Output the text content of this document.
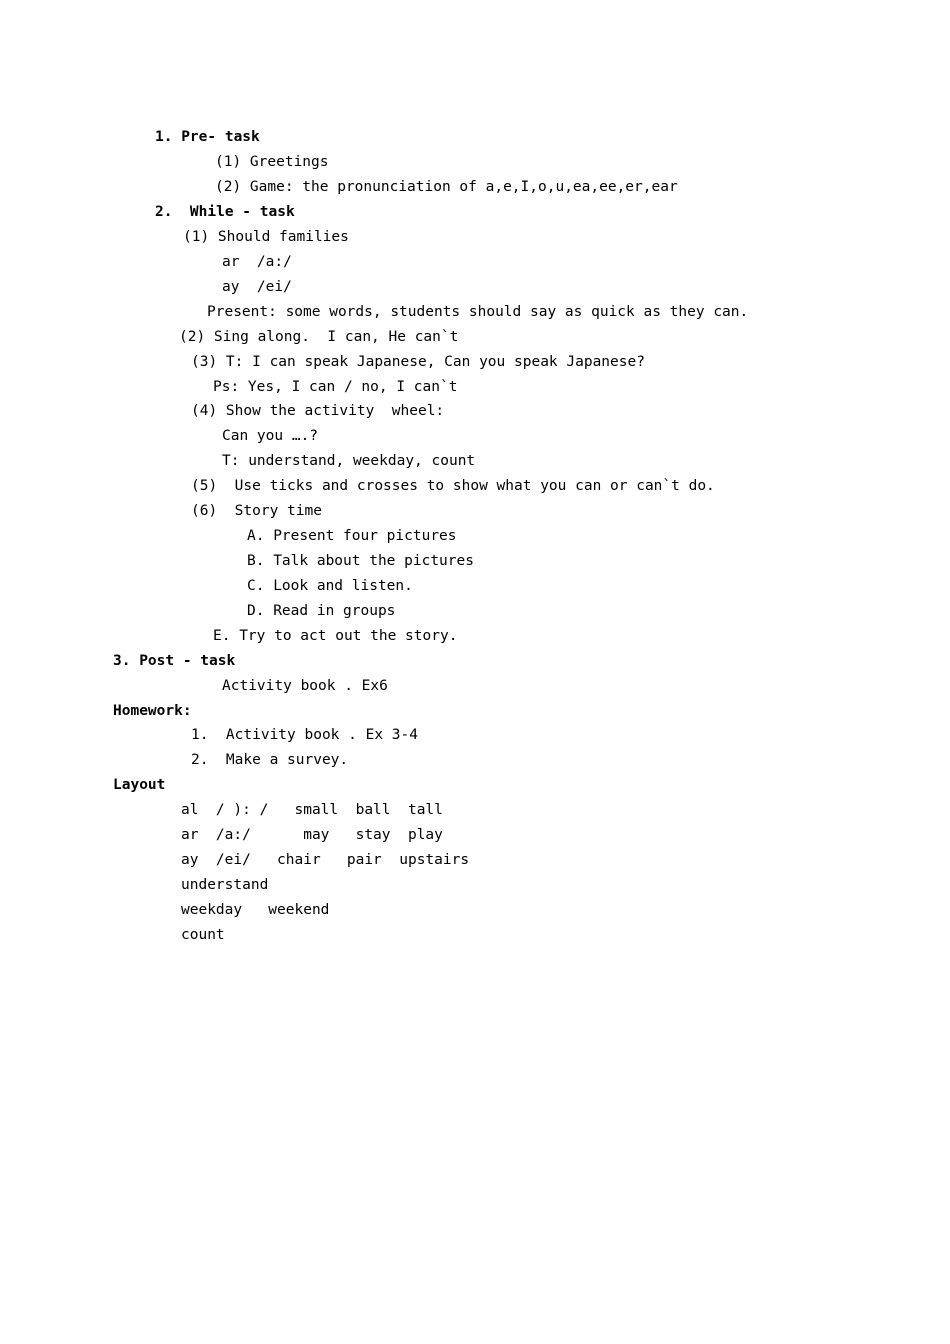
1. Pre- task
(1) Greetings
(2) Game: the pronunciation of a,e,I,o,u,ea,ee,er,ear
2.  While - task
(1) Should families
ar  /a:/
ay  /ei/
Present: some words, students should say as quick as they can.
(2) Sing along.  I can, He can`t
(3) T: I can speak Japanese, Can you speak Japanese?
Ps: Yes, I can / no, I can`t
(4) Show the activity  wheel:
Can you ….?
T: understand, weekday, count
(5)  Use ticks and crosses to show what you can or can`t do.
(6)  Story time
A. Present four pictures
B. Talk about the pictures
C. Look and listen.
D. Read in groups
E. Try to act out the story.
3. Post - task
Activity book . Ex6
Homework:
1.  Activity book . Ex 3-4
2.  Make a survey.
Layout
al  / ): /   small  ball  tall
ar  /a:/      may   stay  play
ay  /ei/   chair   pair  upstairs
understand
weekday   weekend
count
